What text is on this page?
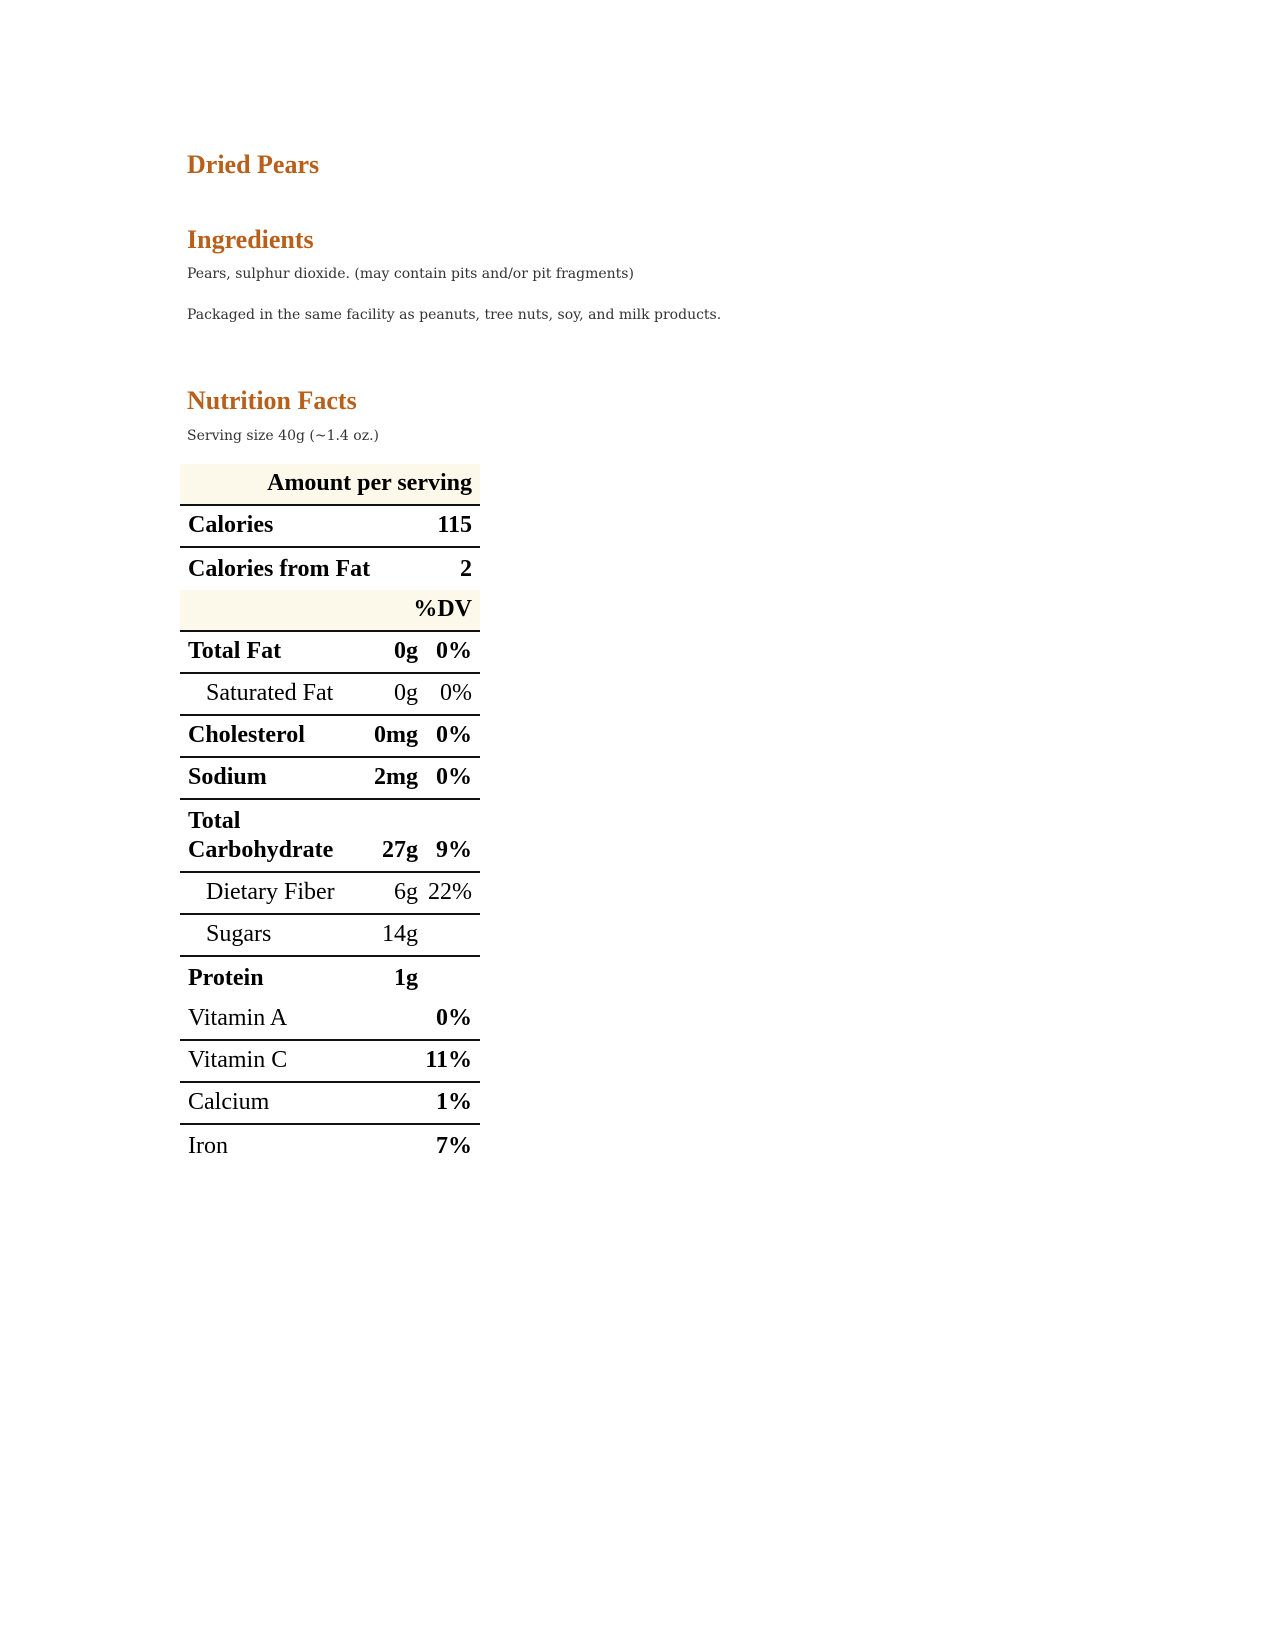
Dried Pears
Ingredients

Pears, sulphur dioxide. (may contain pits and/or pit fragments)

Packaged in the same facility as peanuts, tree nuts, soy, and milk products.

Nutrition Facts

Serving size 40g (~1.4 oz.)

Amount per serving
Calories	115
Calories from Fat	2
%DV
Total Fat	0g 0%
Saturated Fat	0g 0%
Cholesterol	0mg 0%
Sodium	2mg 0%
Total Carbohydrate	27g 9%
Dietary Fiber	6g 22%
Sugars	14g
Protein	1g
Vitamin A	0%
Vitamin C	11%
Calcium	1%
Iron	7%
